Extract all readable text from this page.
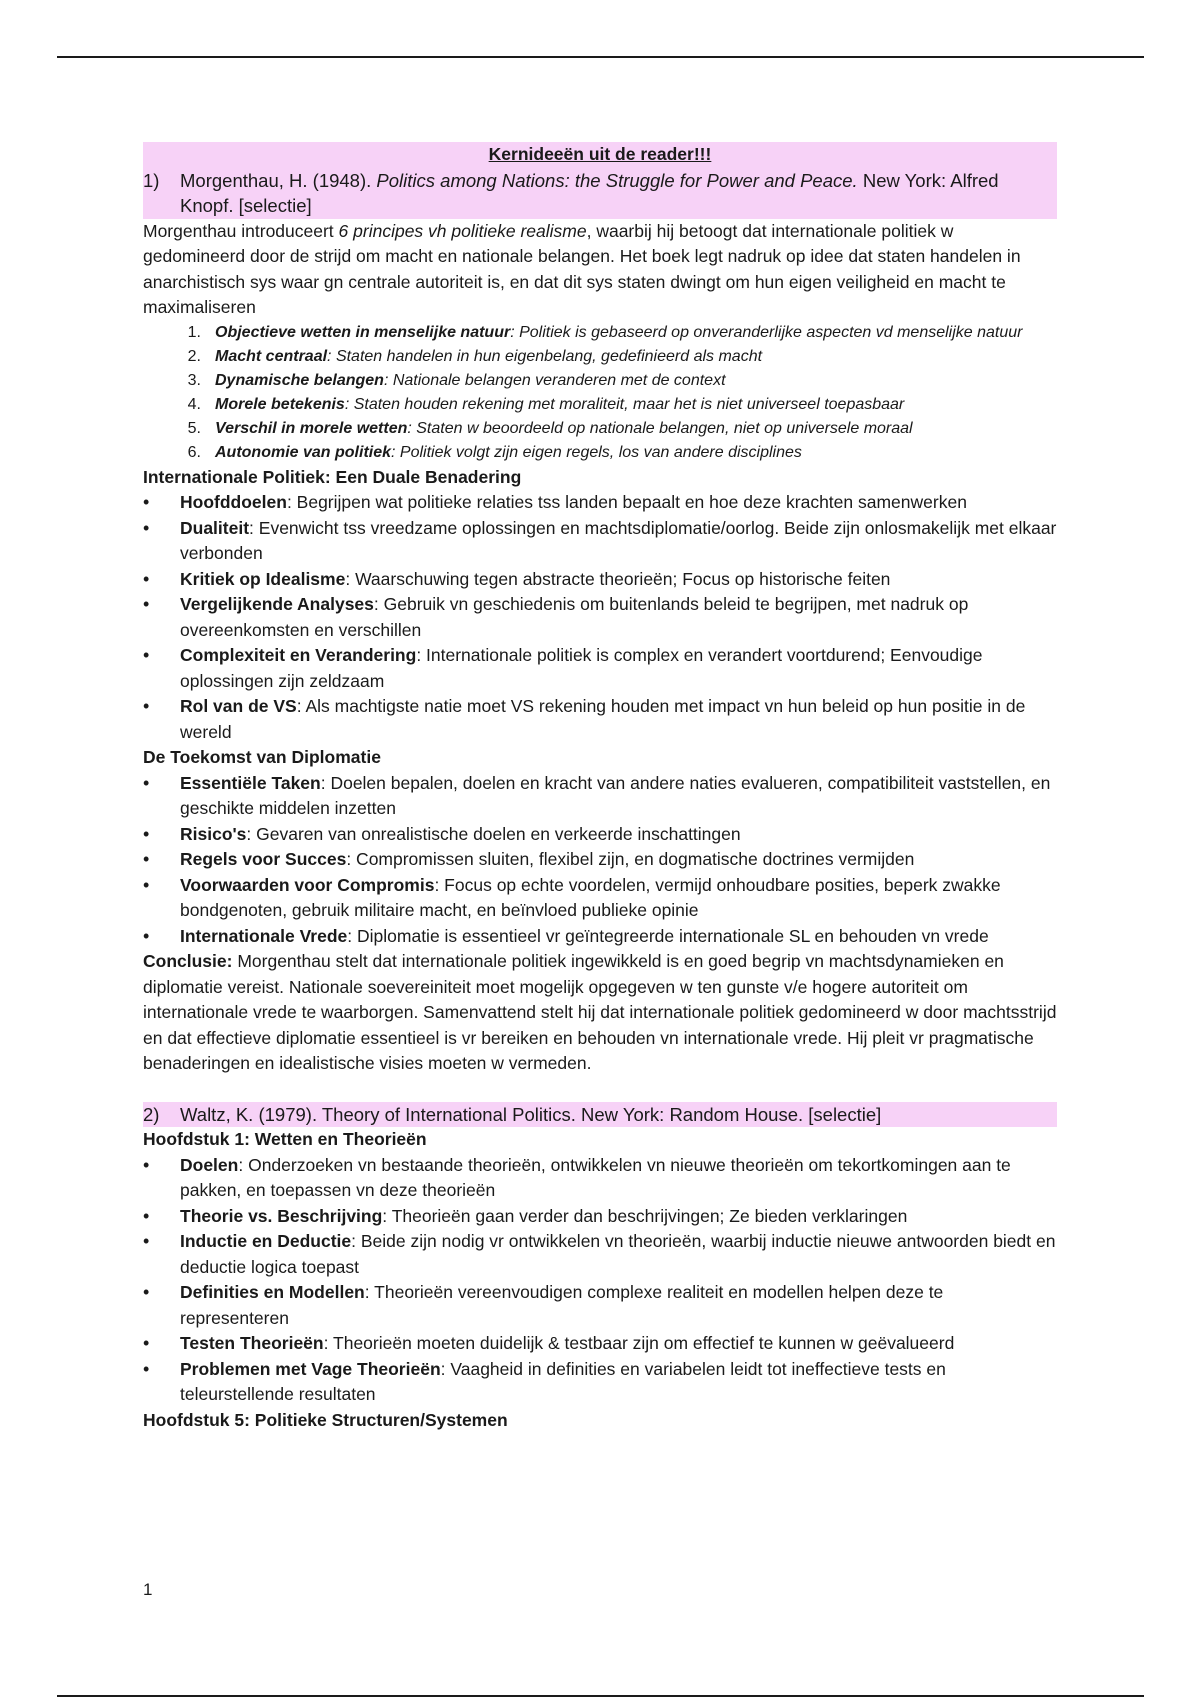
Kernideeën uit de reader!!!
1)	Morgenthau, H. (1948). Politics among Nations: the Struggle for Power and Peace. New York: Alfred Knopf. [selectie]

Morgenthau introduceert 6 principes vh politieke realisme, waarbij hij betoogt dat internationale politiek w gedomineerd door de strijd om macht en nationale belangen. Het boek legt nadruk op idee dat staten handelen in anarchistisch sys waar gn centrale autoriteit is, en dat dit sys staten dwingt om hun eigen veiligheid en macht te maximaliseren

1. Objectieve wetten in menselijke natuur: Politiek is gebaseerd op onveranderlijke aspecten vd menselijke natuur
2. Macht centraal: Staten handelen in hun eigenbelang, gedefinieerd als macht
3. Dynamische belangen: Nationale belangen veranderen met de context
4. Morele betekenis: Staten houden rekening met moraliteit, maar het is niet universeel toepasbaar
5. Verschil in morele wetten: Staten w beoordeeld op nationale belangen, niet op universele moraal
6. Autonomie van politiek: Politiek volgt zijn eigen regels, los van andere disciplines
Internationale Politiek: Een Duale Benadering
•	Hoofddoelen: Begrijpen wat politieke relaties tss landen bepaalt en hoe deze krachten samenwerken
•	Dualiteit: Evenwicht tss vreedzame oplossingen en machtsdiplomatie/oorlog. Beide zijn onlosmakelijk met elkaar verbonden
•	Kritiek op Idealisme: Waarschuwing tegen abstracte theorieën; Focus op historische feiten
•	Vergelijkende Analyses: Gebruik vn geschiedenis om buitenlands beleid te begrijpen, met nadruk op overeenkomsten en verschillen
•	Complexiteit en Verandering: Internationale politiek is complex en verandert voortdurend; Eenvoudige oplossingen zijn zeldzaam
•	Rol van de VS: Als machtigste natie moet VS rekening houden met impact vn hun beleid op hun positie in de wereld
De Toekomst van Diplomatie
•	Essentiële Taken: Doelen bepalen, doelen en kracht van andere naties evalueren, compatibiliteit vaststellen, en geschikte middelen inzetten
•	Risico's: Gevaren van onrealistische doelen en verkeerde inschattingen
•	Regels voor Succes: Compromissen sluiten, flexibel zijn, en dogmatische doctrines vermijden
•	Voorwaarden voor Compromis: Focus op echte voordelen, vermijd onhoudbare posities, beperk zwakke bondgenoten, gebruik militaire macht, en beïnvloed publieke opinie
•	Internationale Vrede: Diplomatie is essentieel vr geïntegreerde internationale SL en behouden vn vrede

Conclusie: Morgenthau stelt dat internationale politiek ingewikkeld is en goed begrip vn machtsdynamieken en diplomatie vereist. Nationale soevereiniteit moet mogelijk opgegeven w ten gunste v/e hogere autoriteit om internationale vrede te waarborgen. Samenvattend stelt hij dat internationale politiek gedomineerd w door machtsstrijd en dat effectieve diplomatie essentieel is vr bereiken en behouden vn internationale vrede. Hij pleit vr pragmatische benaderingen en idealistische visies moeten w vermeden.

2)	Waltz, K. (1979). Theory of International Politics. New York: Random House. [selectie]
Hoofdstuk 1: Wetten en Theorieën
•	Doelen: Onderzoeken vn bestaande theorieën, ontwikkelen vn nieuwe theorieën om tekortkomingen aan te pakken, en toepassen vn deze theorieën
•	Theorie vs. Beschrijving: Theorieën gaan verder dan beschrijvingen; Ze bieden verklaringen
•	Inductie en Deductie: Beide zijn nodig vr ontwikkelen vn theorieën, waarbij inductie nieuwe antwoorden biedt en deductie logica toepast
•	Definities en Modellen: Theorieën vereenvoudigen complexe realiteit en modellen helpen deze te representeren
•	Testen Theorieën: Theorieën moeten duidelijk & testbaar zijn om effectief te kunnen w geëvalueerd
•	Problemen met Vage Theorieën: Vaagheid in definities en variabelen leidt tot ineffectieve tests en teleurstellende resultaten
Hoofdstuk 5: Politieke Structuren/Systemen
1
